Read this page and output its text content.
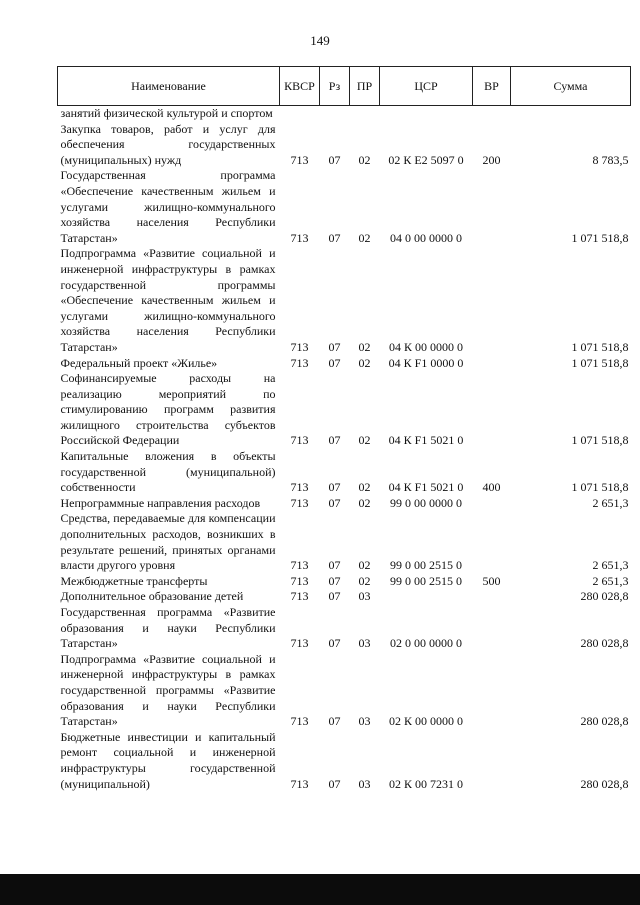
149
Наименование	КВСР	Рз	ПР	ЦСР	ВР	Сумма
занятий физической культурой и спортом						
Закупка товаров, работ и услуг для обеспечения государственных (муниципальных) нужд	713	07	02	02 К Е2 5097 0	200	8 783,5
Государственная программа «Обеспечение качественным жильем и услугами жилищно-коммунального хозяйства населения Республики Татарстан»	713	07	02	04 0 00 0000 0		1 071 518,8
Подпрограмма «Развитие социальной и инженерной инфраструктуры в рамках государственной программы «Обеспечение качественным жильем и услугами жилищно-коммунального хозяйства населения Республики Татарстан»	713	07	02	04 К 00 0000 0		1 071 518,8
Федеральный проект «Жилье»	713	07	02	04 К F1 0000 0		1 071 518,8
Софинансируемые расходы на реализацию мероприятий по стимулированию программ развития жилищного строительства субъектов Российской Федерации	713	07	02	04 К F1 5021 0		1 071 518,8
Капитальные вложения в объекты государственной (муниципальной) собственности	713	07	02	04 К F1 5021 0	400	1 071 518,8
Непрограммные направления расходов	713	07	02	99 0 00 0000 0		2 651,3
Средства, передаваемые для компенсации дополнительных расходов, возникших в результате решений, принятых органами власти другого уровня	713	07	02	99 0 00 2515 0		2 651,3
Межбюджетные трансферты	713	07	02	99 0 00 2515 0	500	2 651,3
Дополнительное образование детей	713	07	03			280 028,8
Государственная программа «Развитие образования и науки Республики Татарстан»	713	07	03	02 0 00 0000 0		280 028,8
Подпрограмма «Развитие социальной и инженерной инфраструктуры в рамках государственной программы «Развитие образования и науки Республики Татарстан»	713	07	03	02 К 00 0000 0		280 028,8
Бюджетные инвестиции и капитальный ремонт социальной и инженерной инфраструктуры государственной (муниципальной)	713	07	03	02 К 00 7231 0		280 028,8
